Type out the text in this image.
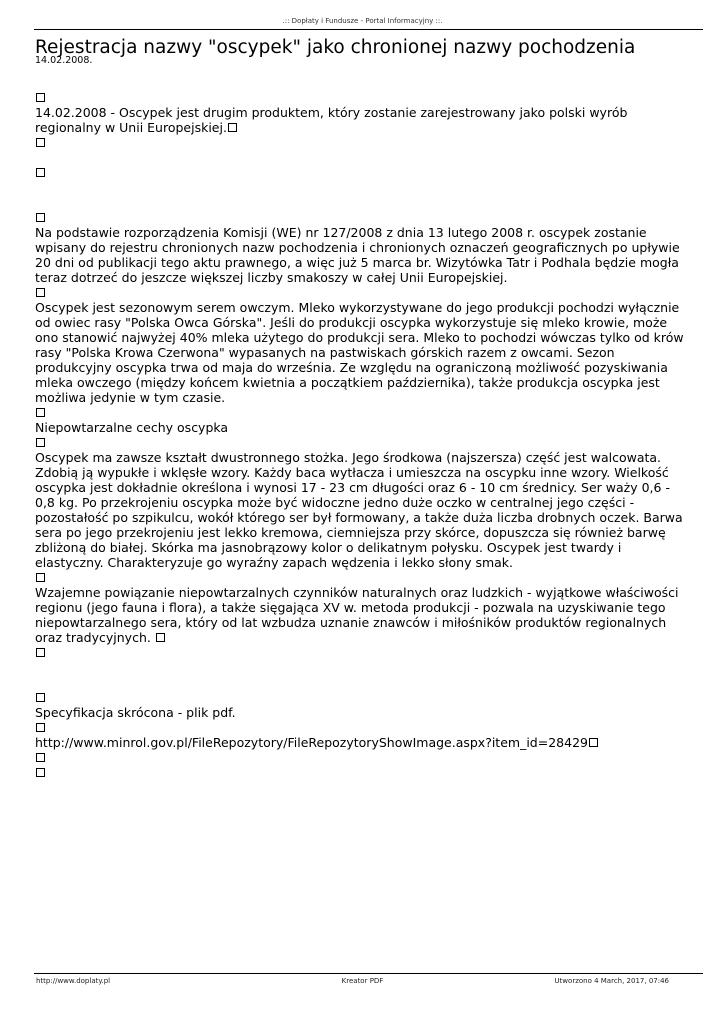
.:: Dopłaty i Fundusze - Portal Informacyjny ::.
Rejestracja nazwy "oscypek" jako chronionej nazwy pochodzenia
14.02.2008.

14.02.2008 - Oscypek jest drugim produktem, który zostanie zarejestrowany jako polski wyrób regionalny w Unii Europejskiej.

Na podstawie rozporządzenia Komisji (WE) nr 127/2008 z dnia 13 lutego 2008 r. oscypek zostanie wpisany do rejestru chronionych nazw pochodzenia i chronionych oznaczeń geograficznych po upływie 20 dni od publikacji tego aktu prawnego, a więc już 5 marca br. Wizytówka Tatr i Podhala będzie mogła teraz dotrzeć do jeszcze większej liczby smakoszy w całej Unii Europejskiej.

Oscypek jest sezonowym serem owczym. Mleko wykorzystywane do jego produkcji pochodzi wyłącznie od owiec rasy "Polska Owca Górska". Jeśli do produkcji oscypka wykorzystuje się mleko krowie, może ono stanowić najwyżej 40% mleka użytego do produkcji sera. Mleko to pochodzi wówczas tylko od krów rasy "Polska Krowa Czerwona" wypasanych na pastwiskach górskich razem z owcami. Sezon produkcyjny oscypka trwa od maja do września. Ze względu na ograniczoną możliwość pozyskiwania mleka owczego (między końcem kwietnia a początkiem października), także produkcja oscypka jest możliwa jedynie w tym czasie.

Niepowtarzalne cechy oscypka

Oscypek ma zawsze kształt dwustronnego stożka. Jego środkowa (najszersza) część jest walcowata. Zdobią ją wypukłe i wklęsłe wzory. Każdy baca wytłacza i umieszcza na oscypku inne wzory. Wielkość oscypka jest dokładnie określona i wynosi 17 - 23 cm długości oraz 6 - 10 cm średnicy. Ser waży 0,6 - 0,8 kg. Po przekrojeniu oscypka może być widoczne jedno duże oczko w centralnej jego części - pozostałość po szpikulcu, wokół którego ser był formowany, a także duża liczba drobnych oczek. Barwa sera po jego przekrojeniu jest lekko kremowa, ciemniejsza przy skórce, dopuszcza się również barwę zbliżoną do białej. Skórka ma jasnobrązowy kolor o delikatnym połysku. Oscypek jest twardy i elastyczny. Charakteryzuje go wyraźny zapach wędzenia i lekko słony smak.

Wzajemne powiązanie niepowtarzalnych czynników naturalnych oraz ludzkich - wyjątkowe właściwości regionu (jego fauna i flora), a także sięgająca XV w. metoda produkcji - pozwala na uzyskiwanie tego niepowtarzalnego sera, który od lat wzbudza uznanie znawców i miłośników produktów regionalnych oraz tradycyjnych.

Specyfikacja skrócona - plik pdf.

http://www.minrol.gov.pl/FileRepozytory/FileRepozytoryShowImage.aspx?item_id=28429

http://www.doplaty.pl	Kreator PDF	Utworzono 4 March, 2017, 07:46
